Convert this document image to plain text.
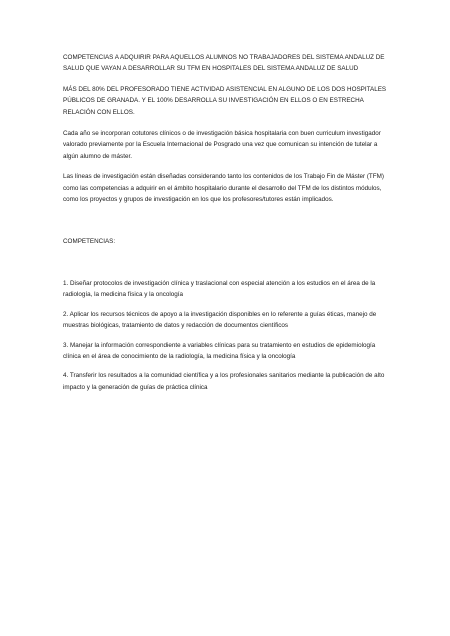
COMPETENCIAS A ADQUIRIR PARA AQUELLOS ALUMNOS NO TRABAJADORES DEL SISTEMA ANDALUZ DE SALUD QUE VAYAN A DESARROLLAR SU TFM EN HOSPITALES DEL SISTEMA ANDALUZ DE SALUD

MÁS DEL 80% DEL PROFESORADO TIENE ACTIVIDAD ASISTENCIAL EN ALGUNO DE LOS DOS HOSPITALES PÚBLICOS DE GRANADA. Y EL 100% DESARROLLA SU INVESTIGACIÓN EN ELLOS O EN ESTRECHA RELACIÓN CON ELLOS.

Cada año se incorporan cotutores clínicos o de investigación básica hospitalaria con buen curriculum investigador valorado previamente por la Escuela Internacional de Posgrado una vez que comunican su intención de tutelar a algún alumno de máster.

Las líneas de investigación están diseñadas considerando tanto los contenidos de los Trabajo Fin de Máster (TFM) como las competencias a adquirir en el ámbito hospitalario durante el desarrollo del TFM de los distintos módulos, como los proyectos y grupos de investigación en los que los profesores/tutores están implicados.

COMPETENCIAS:

1. Diseñar protocolos de investigación clínica y traslacional con especial atención a los estudios en el área de la radiología, la medicina física y la oncología

2. Aplicar los recursos técnicos de apoyo a la investigación disponibles en lo referente a guías éticas, manejo de muestras biológicas, tratamiento de datos y redacción de documentos científicos

3. Manejar la información correspondiente a variables clínicas para su tratamiento en estudios de epidemiología clínica en el área de conocimiento de la radiología, la medicina física y la oncología

4. Transferir los resultados a la comunidad científica y a los profesionales sanitarios mediante la publicación de alto impacto y la generación de guías de práctica clínica
